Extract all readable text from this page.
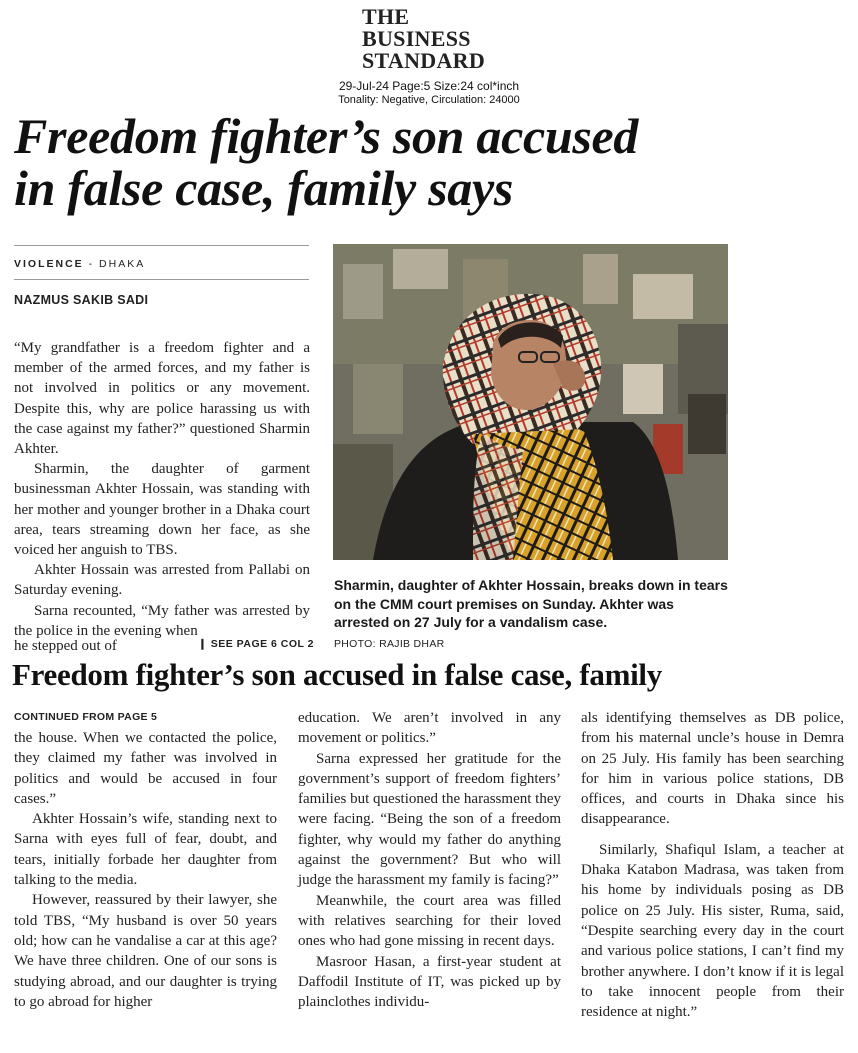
THE
BUSINESS
STANDARD
29-Jul-24 Page:5 Size:24 col*inch
Tonality: Negative, Circulation: 24000
Freedom fighter’s son accused
in false case, family says
VIOLENCE - DHAKA
NAZMUS SAKIB SADI

“My grandfather is a freedom fighter and a member of the armed forces, and my father is not involved in politics or any movement. Despite this, why are police harassing us with the case against my father?” questioned Sharmin Akhter.

Sharmin, the daughter of garment businessman Akhter Hossain, was standing with her mother and younger brother in a Dhaka court area, tears streaming down her face, as she voiced her anguish to TBS.

Akhter Hossain was arrested from Pallabi on Saturday evening.

Sarna recounted, “My father was arrested by the police in the evening when

he stepped out of	❙ SEE PAGE 6 COL 2
Sharmin, daughter of Akhter Hossain, breaks down in tears on the CMM court premises on Sunday. Akhter was arrested on 27 July for a vandalism case.
PHOTO: RAJIB DHAR
Freedom fighter’s son accused in false case, family
CONTINUED FROM PAGE 5

the house. When we contacted the police, they claimed my father was involved in politics and would be accused in four cases.”

Akhter Hossain’s wife, standing next to Sarna with eyes full of fear, doubt, and tears, initially forbade her daughter from talking to the media.

However, reassured by their lawyer, she told TBS, “My husband is over 50 years old; how can he vandalise a car at this age? We have three children. One of our sons is studying abroad, and our daughter is trying to go abroad for higher

education. We aren’t involved in any movement or politics.”

Sarna expressed her gratitude for the government’s support of freedom fighters’ families but questioned the harassment they were facing. “Being the son of a freedom fighter, why would my father do anything against the government? But who will judge the harassment my family is facing?”

Meanwhile, the court area was filled with relatives searching for their loved ones who had gone missing in recent days.

Masroor Hasan, a first-year student at Daffodil Institute of IT, was picked up by plainclothes individu-

als identifying themselves as DB police, from his maternal uncle’s house in Demra on 25 July. His family has been searching for him in various police stations, DB offices, and courts in Dhaka since his disappearance.

Similarly, Shafiqul Islam, a teacher at Dhaka Katabon Madrasa, was taken from his home by individuals posing as DB police on 25 July. His sister, Ruma, said, “Despite searching every day in the court and various police stations, I can’t find my brother anywhere. I don’t know if it is legal to take innocent people from their residence at night.”
